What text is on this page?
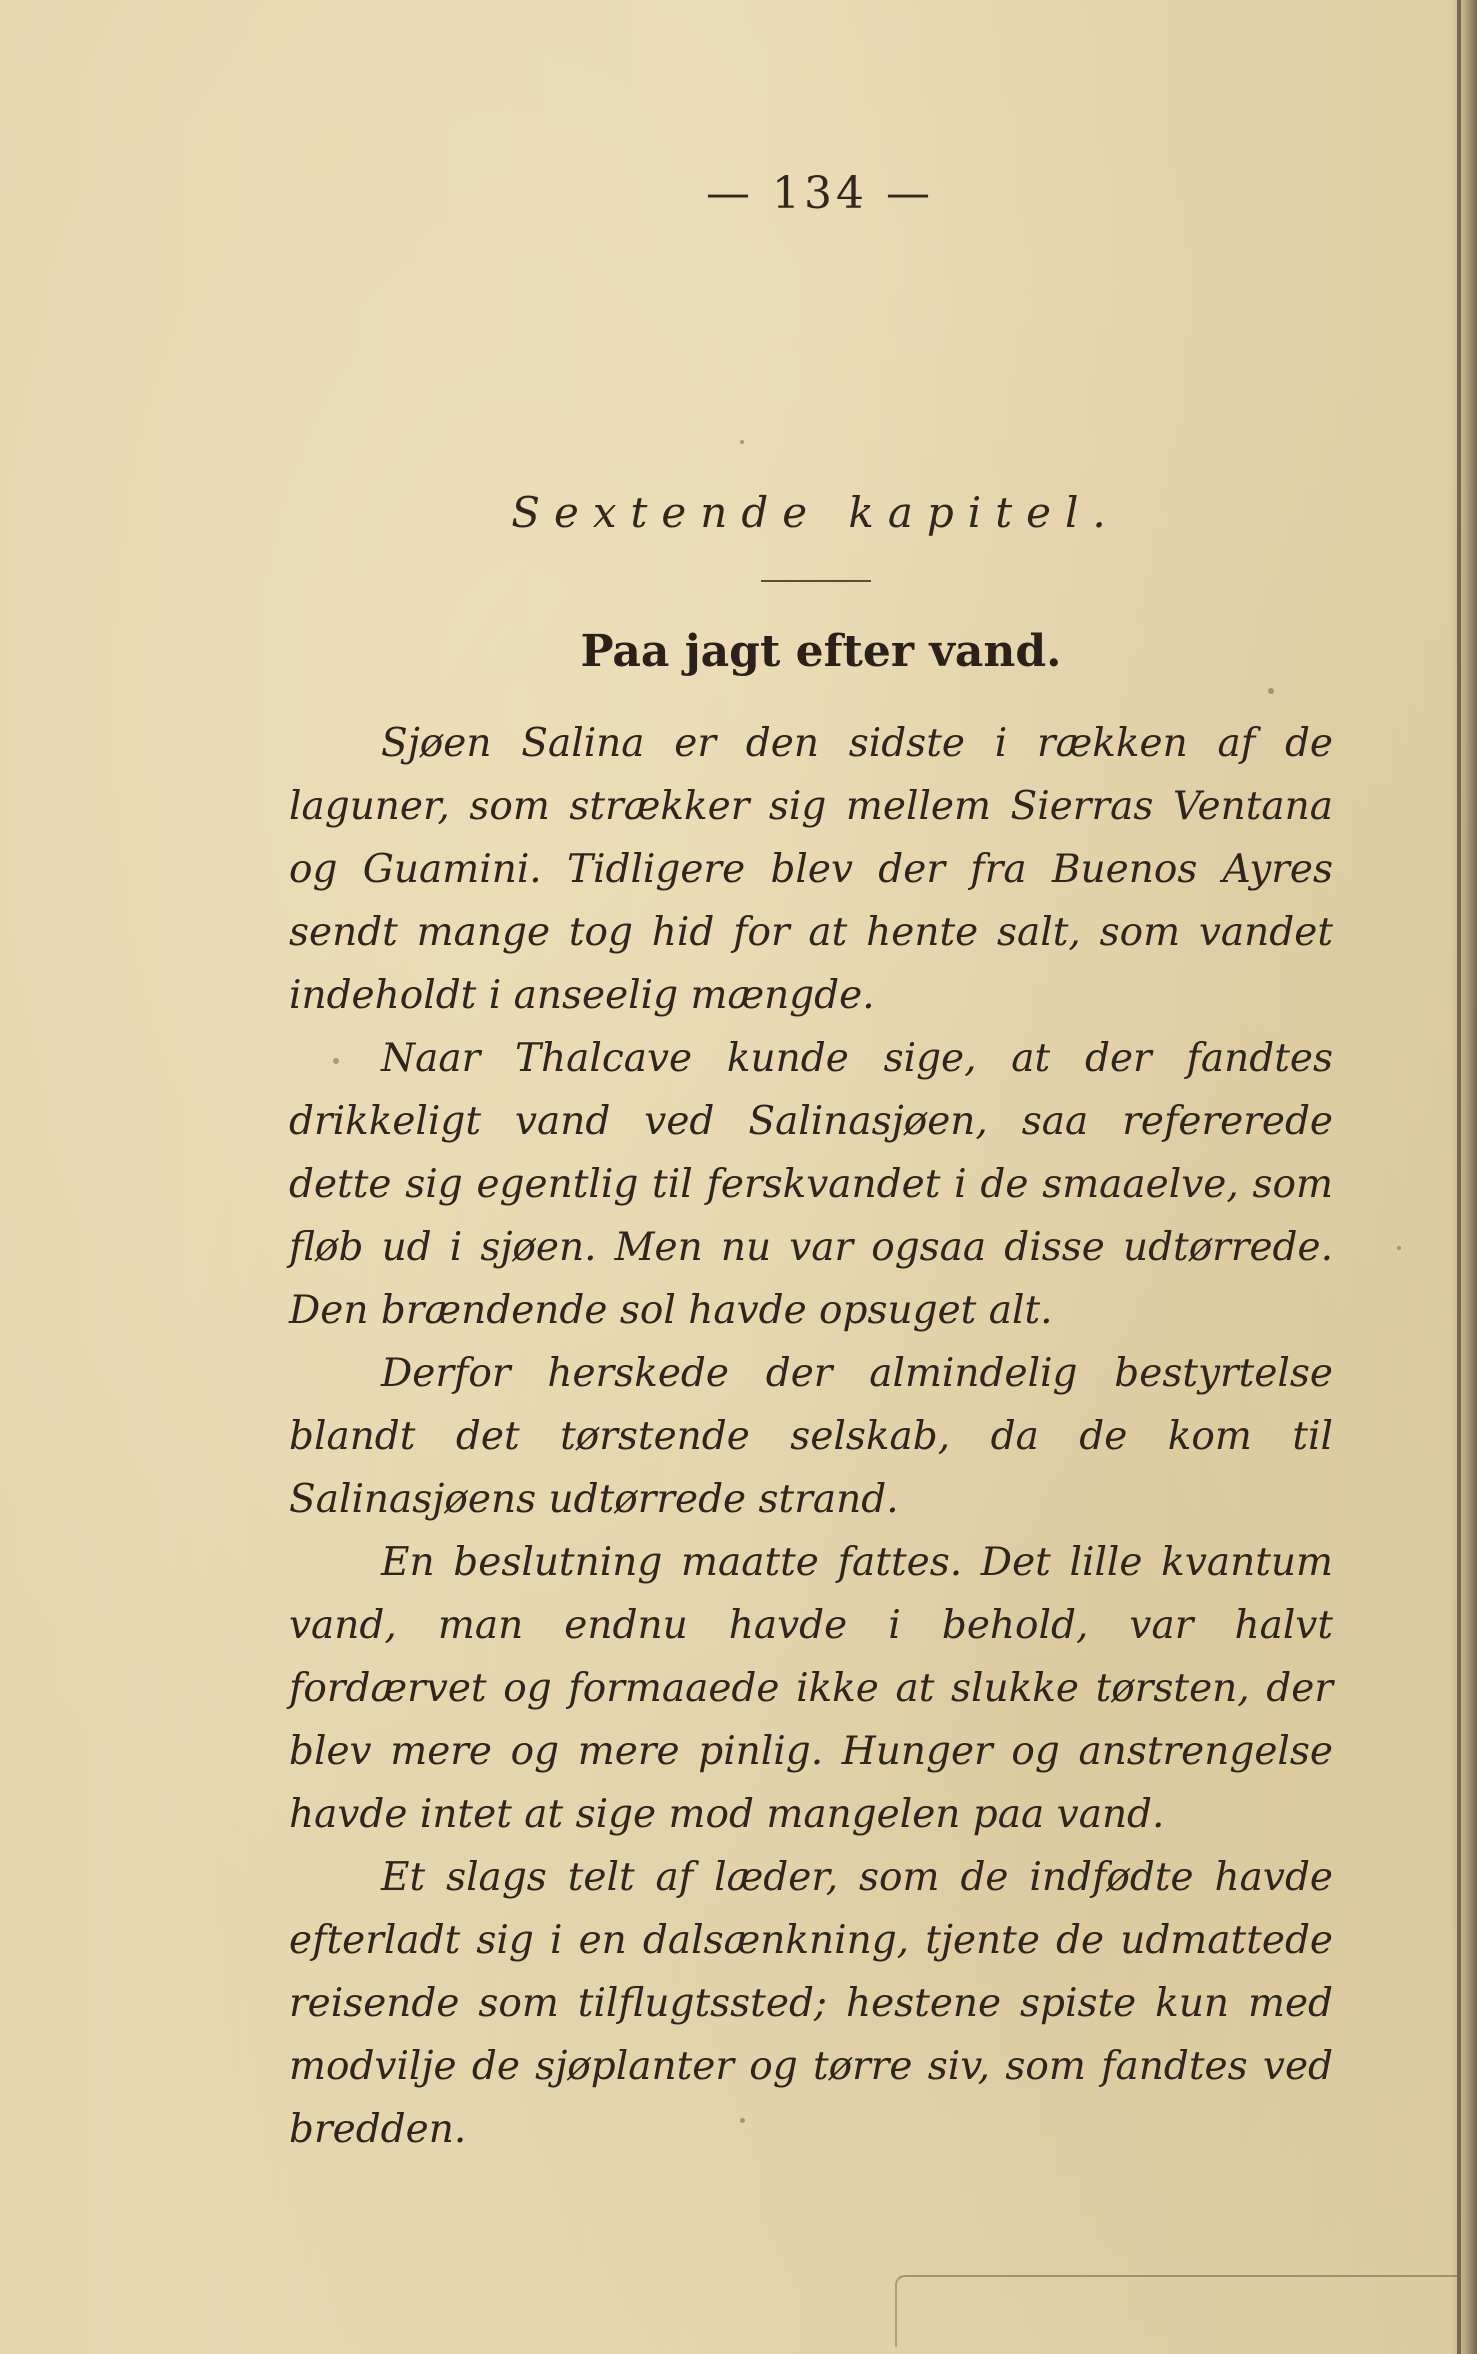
— 134 —
Sextende kapitel.
Paa jagt efter vand.

Sjøen Salina er den sidste i rækken af de laguner, som strækker sig mellem Sierras Ventana og Guamini. Tidligere blev der fra Buenos Ayres sendt mange tog hid for at hente salt, som vandet indeholdt i anseelig mængde.

Naar Thalcave kunde sige, at der fandtes drikkeligt vand ved Salinasjøen, saa refererede dette sig egentlig til ferskvandet i de smaaelve, som fløb ud i sjøen. Men nu var ogsaa disse udtørrede. Den brændende sol havde opsuget alt.

Derfor herskede der almindelig bestyrtelse blandt det tørstende selskab, da de kom til Salinasjøens udtørrede strand.

En beslutning maatte fattes. Det lille kvantum vand, man endnu havde i behold, var halvt fordærvet og formaaede ikke at slukke tørsten, der blev mere og mere pinlig. Hunger og anstrengelse havde intet at sige mod mangelen paa vand.

Et slags telt af læder, som de indfødte havde efterladt sig i en dalsænkning, tjente de udmattede reisende som tilflugtssted; hestene spiste kun med modvilje de sjøplanter og tørre siv, som fandtes ved bredden.
